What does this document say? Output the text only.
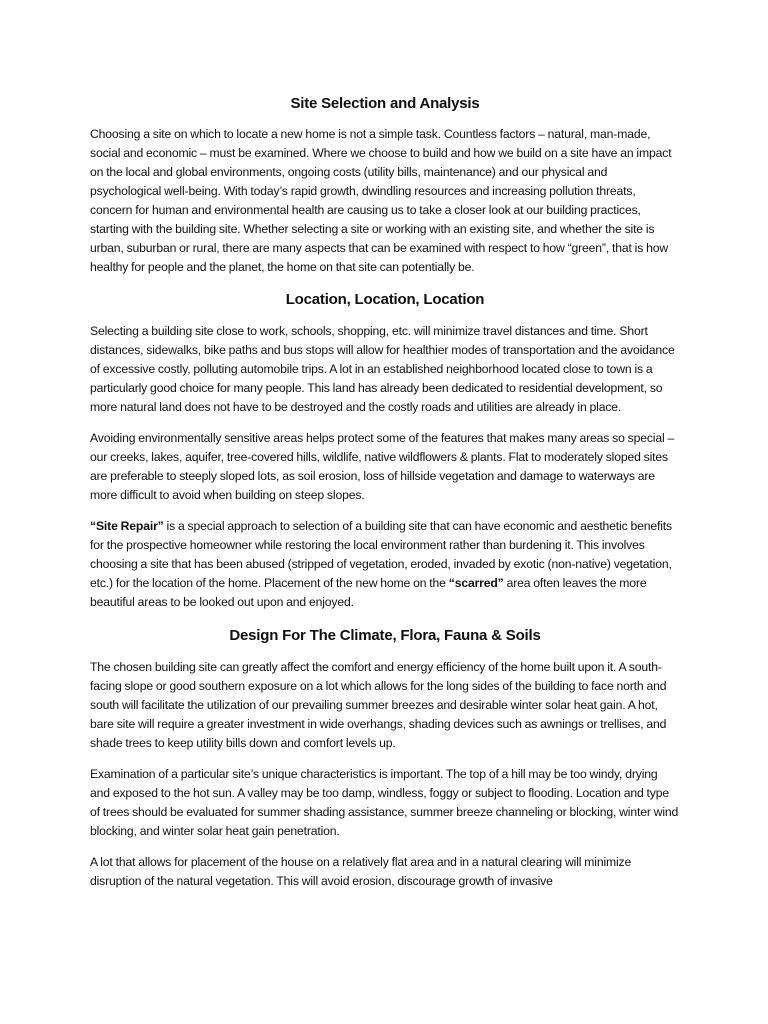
Site Selection and Analysis

Choosing a site on which to locate a new home is not a simple task. Countless factors – natural, man-made, social and economic – must be examined. Where we choose to build and how we build on a site have an impact on the local and global environments, ongoing costs (utility bills, maintenance) and our physical and psychological well-being. With today’s rapid growth, dwindling resources and increasing pollution threats, concern for human and environmental health are causing us to take a closer look at our building practices, starting with the building site. Whether selecting a site or working with an existing site, and whether the site is urban, suburban or rural, there are many aspects that can be examined with respect to how “green”, that is how healthy for people and the planet, the home on that site can potentially be.

Location, Location, Location

Selecting a building site close to work, schools, shopping, etc. will minimize travel distances and time. Short distances, sidewalks, bike paths and bus stops will allow for healthier modes of transportation and the avoidance of excessive costly, polluting automobile trips. A lot in an established neighborhood located close to town is a particularly good choice for many people. This land has already been dedicated to residential development, so more natural land does not have to be destroyed and the costly roads and utilities are already in place.

Avoiding environmentally sensitive areas helps protect some of the features that makes many areas so special – our creeks, lakes, aquifer, tree-covered hills, wildlife, native wildflowers & plants. Flat to moderately sloped sites are preferable to steeply sloped lots, as soil erosion, loss of hillside vegetation and damage to waterways are more difficult to avoid when building on steep slopes.

“Site Repair” is a special approach to selection of a building site that can have economic and aesthetic benefits for the prospective homeowner while restoring the local environment rather than burdening it. This involves choosing a site that has been abused (stripped of vegetation, eroded, invaded by exotic (non-native) vegetation, etc.) for the location of the home. Placement of the new home on the “scarred” area often leaves the more beautiful areas to be looked out upon and enjoyed.

Design For The Climate, Flora, Fauna & Soils

The chosen building site can greatly affect the comfort and energy efficiency of the home built upon it. A south-facing slope or good southern exposure on a lot which allows for the long sides of the building to face north and south will facilitate the utilization of our prevailing summer breezes and desirable winter solar heat gain. A hot, bare site will require a greater investment in wide overhangs, shading devices such as awnings or trellises, and shade trees to keep utility bills down and comfort levels up.

Examination of a particular site’s unique characteristics is important. The top of a hill may be too windy, drying and exposed to the hot sun. A valley may be too damp, windless, foggy or subject to flooding. Location and type of trees should be evaluated for summer shading assistance, summer breeze channeling or blocking, winter wind blocking, and winter solar heat gain penetration.

A lot that allows for placement of the house on a relatively flat area and in a natural clearing will minimize disruption of the natural vegetation. This will avoid erosion, discourage growth of invasive
